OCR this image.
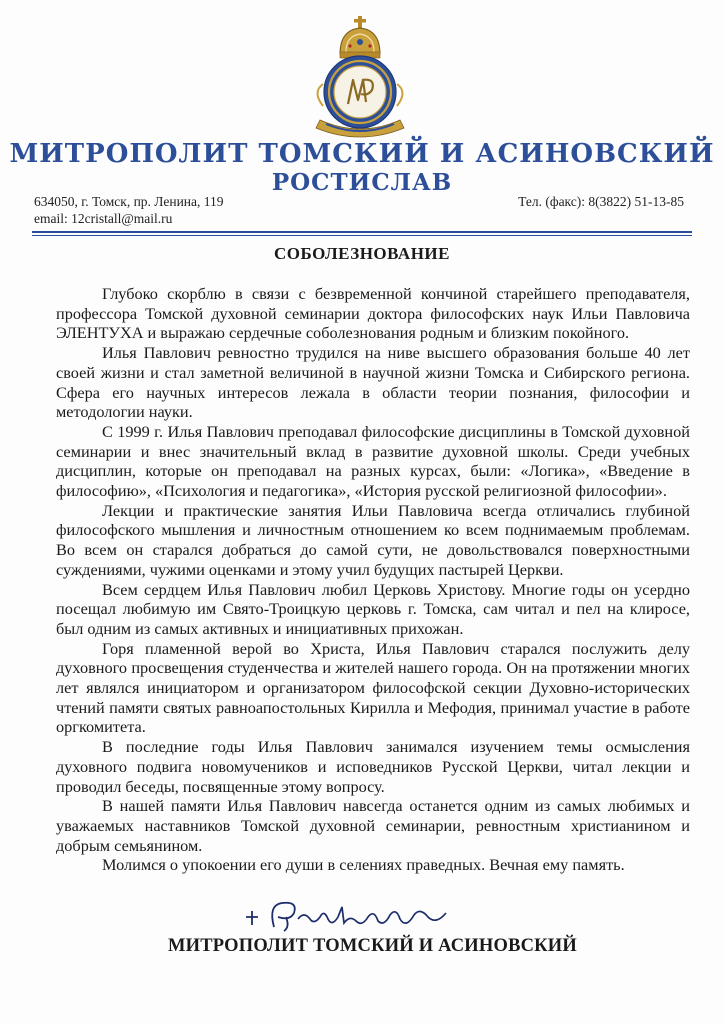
МИТРОПОЛИТ ТОМСКИЙ И АСИНОВСКИЙ
РОСТИСЛАВ
634050, г. Томск, пр. Ленина, 119
email: 12cristall@mail.ru
Тел. (факс): 8(3822) 51-13-85
СОБОЛЕЗНОВАНИЕ

Глубоко скорблю в связи с безвременной кончиной старейшего преподавателя, профессора Томской духовной семинарии доктора философских наук Ильи Павловича ЭЛЕНТУХА и выражаю сердечные соболезнования родным и близким покойного.

Илья Павлович ревностно трудился на ниве высшего образования больше 40 лет своей жизни и стал заметной величиной в научной жизни Томска и Сибирского региона. Сфера его научных интересов лежала в области теории познания, философии и методологии науки.

С 1999 г. Илья Павлович преподавал философские дисциплины в Томской духовной семинарии и внес значительный вклад в развитие духовной школы. Среди учебных дисциплин, которые он преподавал на разных курсах, были: «Логика», «Введение в философию», «Психология и педагогика», «История русской религиозной философии».

Лекции и практические занятия Ильи Павловича всегда отличались глубиной философского мышления и личностным отношением ко всем поднимаемым проблемам. Во всем он старался добраться до самой сути, не довольствовался поверхностными суждениями, чужими оценками и этому учил будущих пастырей Церкви.

Всем сердцем Илья Павлович любил Церковь Христову. Многие годы он усердно посещал любимую им Свято-Троицкую церковь г. Томска, сам читал и пел на клиросе, был одним из самых активных и инициативных прихожан.

Горя пламенной верой во Христа, Илья Павлович старался послужить делу духовного просвещения студенчества и жителей нашего города. Он на протяжении многих лет являлся инициатором и организатором философской секции Духовно-исторических чтений памяти святых равноапостольных Кирилла и Мефодия, принимал участие в работе оргкомитета.

В последние годы Илья Павлович занимался изучением темы осмысления духовного подвига новомучеников и исповедников Русской Церкви, читал лекции и проводил беседы, посвященные этому вопросу.

В нашей памяти Илья Павлович навсегда останется одним из самых любимых и уважаемых наставников Томской духовной семинарии, ревностным христианином и добрым семьянином.

Молимся о упокоении его души в селениях праведных. Вечная ему память.

МИТРОПОЛИТ ТОМСКИЙ И АСИНОВСКИЙ
